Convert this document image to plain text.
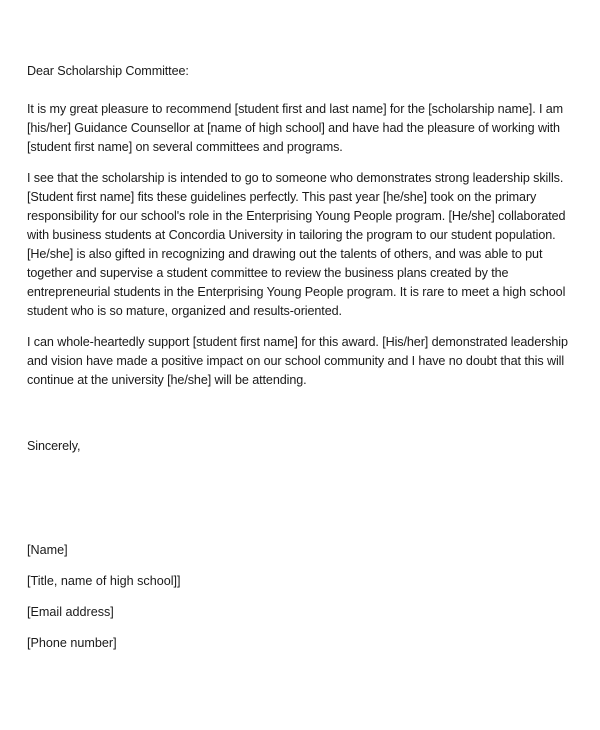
Dear Scholarship Committee:

It is my great pleasure to recommend [student first and last name] for the [scholarship name]. I am [his/her] Guidance Counsellor at [name of high school] and have had the pleasure of working with [student first name] on several committees and programs.

I see that the scholarship is intended to go to someone who demonstrates strong leadership skills. [Student first name] fits these guidelines perfectly. This past year [he/she] took on the primary responsibility for our school's role in the Enterprising Young People program. [He/she] collaborated with business students at Concordia University in tailoring the program to our student population. [He/she] is also gifted in recognizing and drawing out the talents of others, and was able to put together and supervise a student committee to review the business plans created by the entrepreneurial students in the Enterprising Young People program. It is rare to meet a high school student who is so mature, organized and results-oriented.

I can whole-heartedly support [student first name] for this award. [His/her] demonstrated leadership and vision have made a positive impact on our school community and I have no doubt that this will continue at the university [he/she] will be attending.

Sincerely,

[Name]

[Title, name of high school]]

[Email address]

[Phone number]
